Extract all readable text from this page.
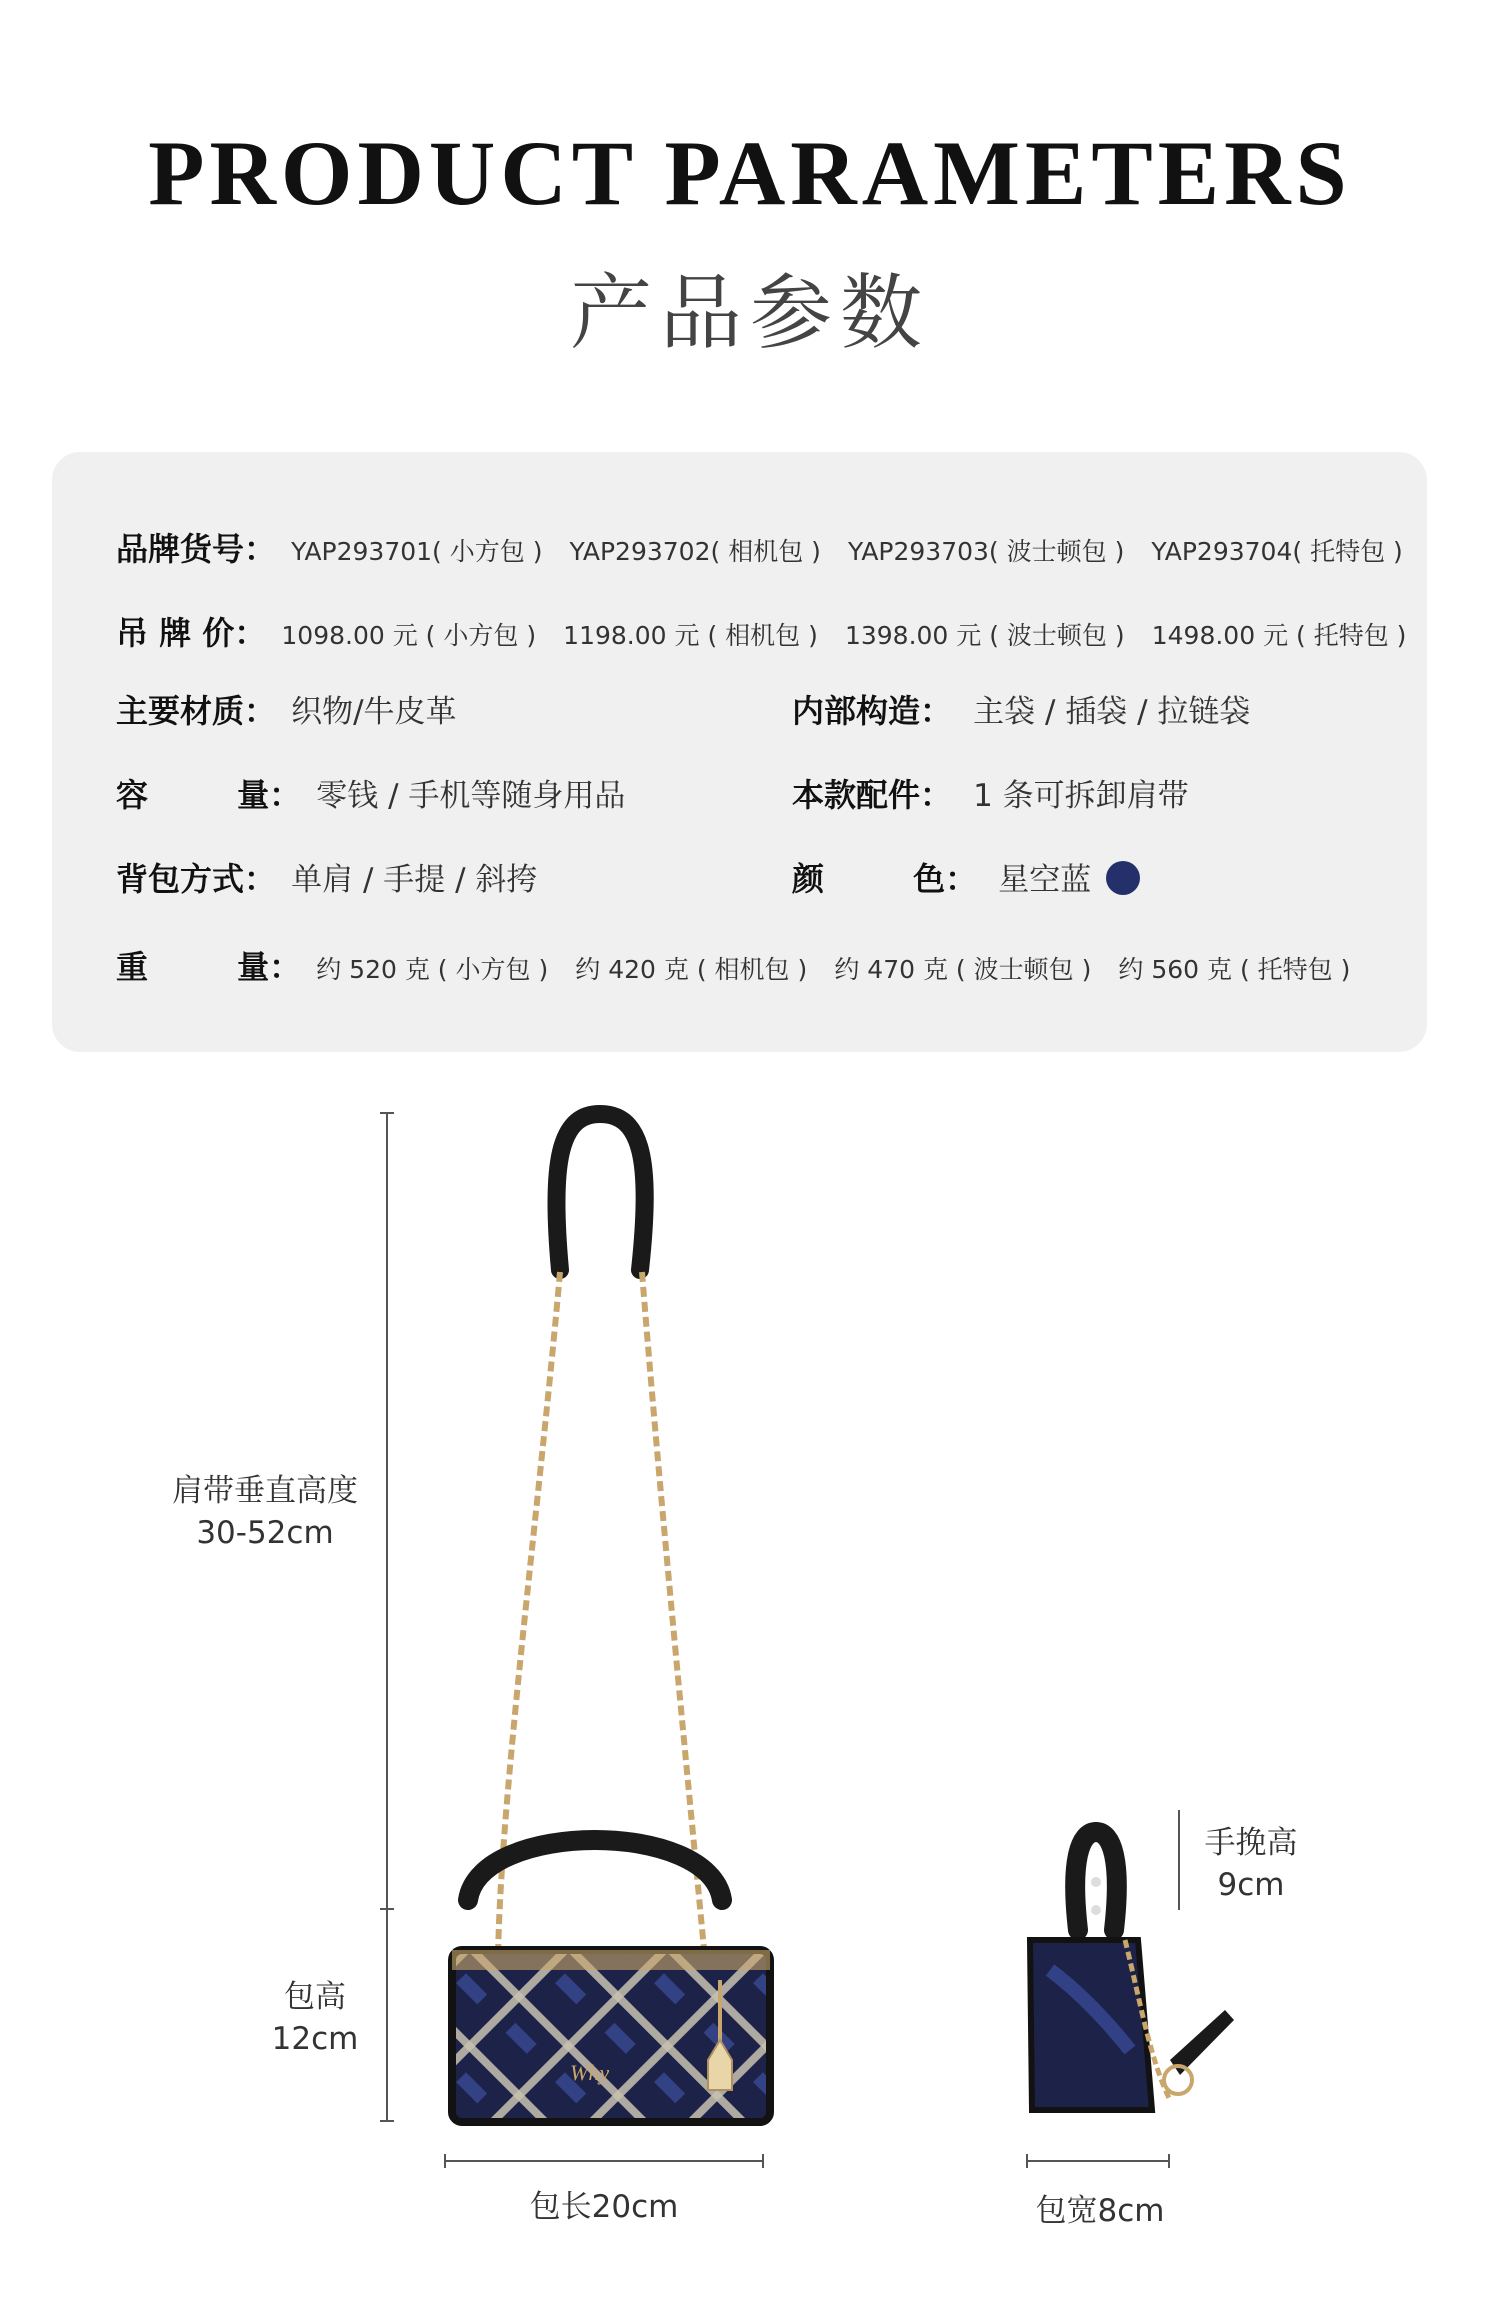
PRODUCT PARAMETERS
产品参数
品牌货号： YAP293701( 小方包 ) YAP293702( 相机包 ) YAP293703( 波士顿包 ) YAP293704( 托特包 )
吊 牌 价： 1098.00 元 ( 小方包 ) 1198.00 元 ( 相机包 ) 1398.00 元 ( 波士顿包 ) 1498.00 元 ( 托特包 )
主要材质： 织物/牛皮革	内部构造： 主袋 / 插袋 / 拉链袋
容        量： 零钱 / 手机等随身用品	本款配件： 1 条可拆卸肩带
背包方式： 单肩 / 手提 / 斜挎	颜        色： 星空蓝
重        量： 约 520 克 ( 小方包 ) 约 420 克 ( 相机包 ) 约 470 克 ( 波士顿包 ) 约 560 克 ( 托特包 )
肩带垂直高度
30-52cm
包高
12cm
包长20cm
手挽高
9cm
包宽8cm
Why
